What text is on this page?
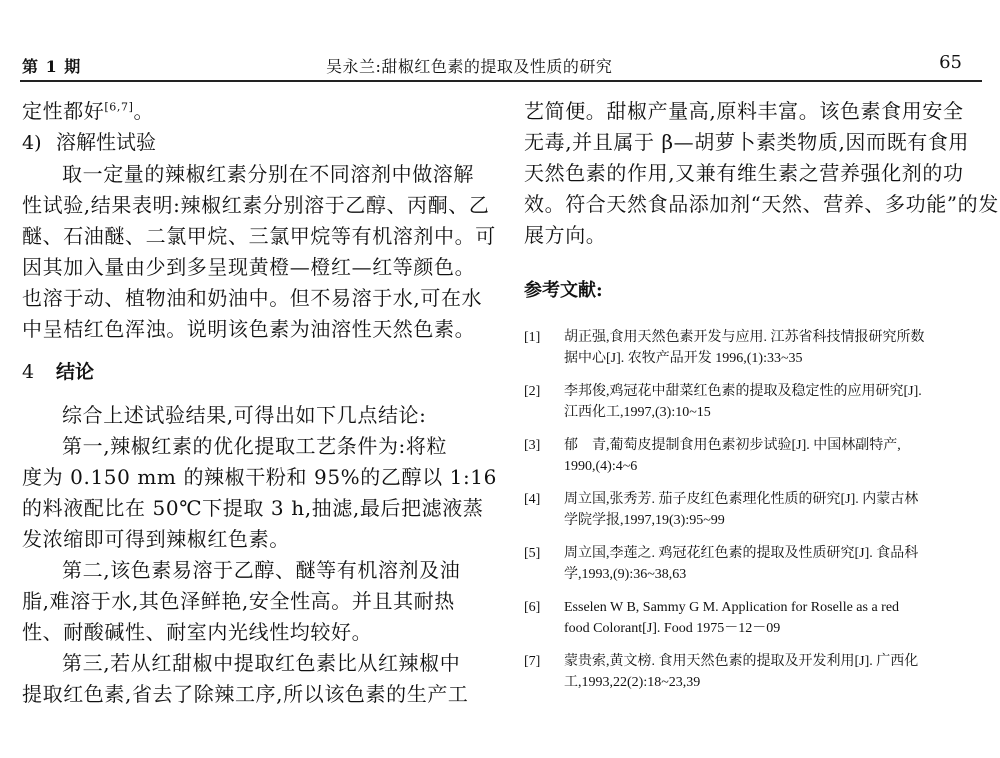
第 1 期	吴永兰:甜椒红色素的提取及性质的研究	65
定性都好[6,7]。
4) 溶解性试验
取一定量的辣椒红素分别在不同溶剂中做溶解
性试验,结果表明:辣椒红素分别溶于乙醇、丙酮、乙
醚、石油醚、二氯甲烷、三氯甲烷等有机溶剂中。可
因其加入量由少到多呈现黄橙—橙红—红等颜色。
也溶于动、植物油和奶油中。但不易溶于水,可在水
中呈桔红色浑浊。说明该色素为油溶性天然色素。
4 结论
综合上述试验结果,可得出如下几点结论:
第一,辣椒红素的优化提取工艺条件为:将粒
度为 0.150 mm 的辣椒干粉和 95%的乙醇以 1:16
的料液配比在 50℃下提取 3 h,抽滤,最后把滤液蒸
发浓缩即可得到辣椒红色素。
第二,该色素易溶于乙醇、醚等有机溶剂及油
脂,难溶于水,其色泽鲜艳,安全性高。并且其耐热
性、耐酸碱性、耐室内光线性均较好。
第三,若从红甜椒中提取红色素比从红辣椒中
提取红色素,省去了除辣工序,所以该色素的生产工
艺简便。甜椒产量高,原料丰富。该色素食用安全
无毒,并且属于 β—胡萝卜素类物质,因而既有食用
天然色素的作用,又兼有维生素之营养强化剂的功
效。符合天然食品添加剂“天然、营养、多功能”的发
展方向。
参考文献:
[1] 胡正强,食用天然色素开发与应用. 江苏省科技情报研究所数
据中心[J]. 农牧产品开发 1996,(1):33~35
[2] 李邦俊,鸡冠花中甜菜红色素的提取及稳定性的应用研究[J].
江西化工,1997,(3):10~15
[3] 郁　青,葡萄皮提制食用色素初步试验[J]. 中国林副特产,
1990,(4):4~6
[4] 周立国,张秀芳. 茄子皮红色素理化性质的研究[J]. 内蒙古林
学院学报,1997,19(3):95~99
[5] 周立国,李莲之. 鸡冠花红色素的提取及性质研究[J]. 食品科
学,1993,(9):36~38,63
[6] Esselen W B, Sammy G M. Application for Roselle as a red
food Colorant[J]. Food 1975－12－09
[7] 蒙贵索,黄文榜. 食用天然色素的提取及开发利用[J]. 广西化
工,1993,22(2):18~23,39
